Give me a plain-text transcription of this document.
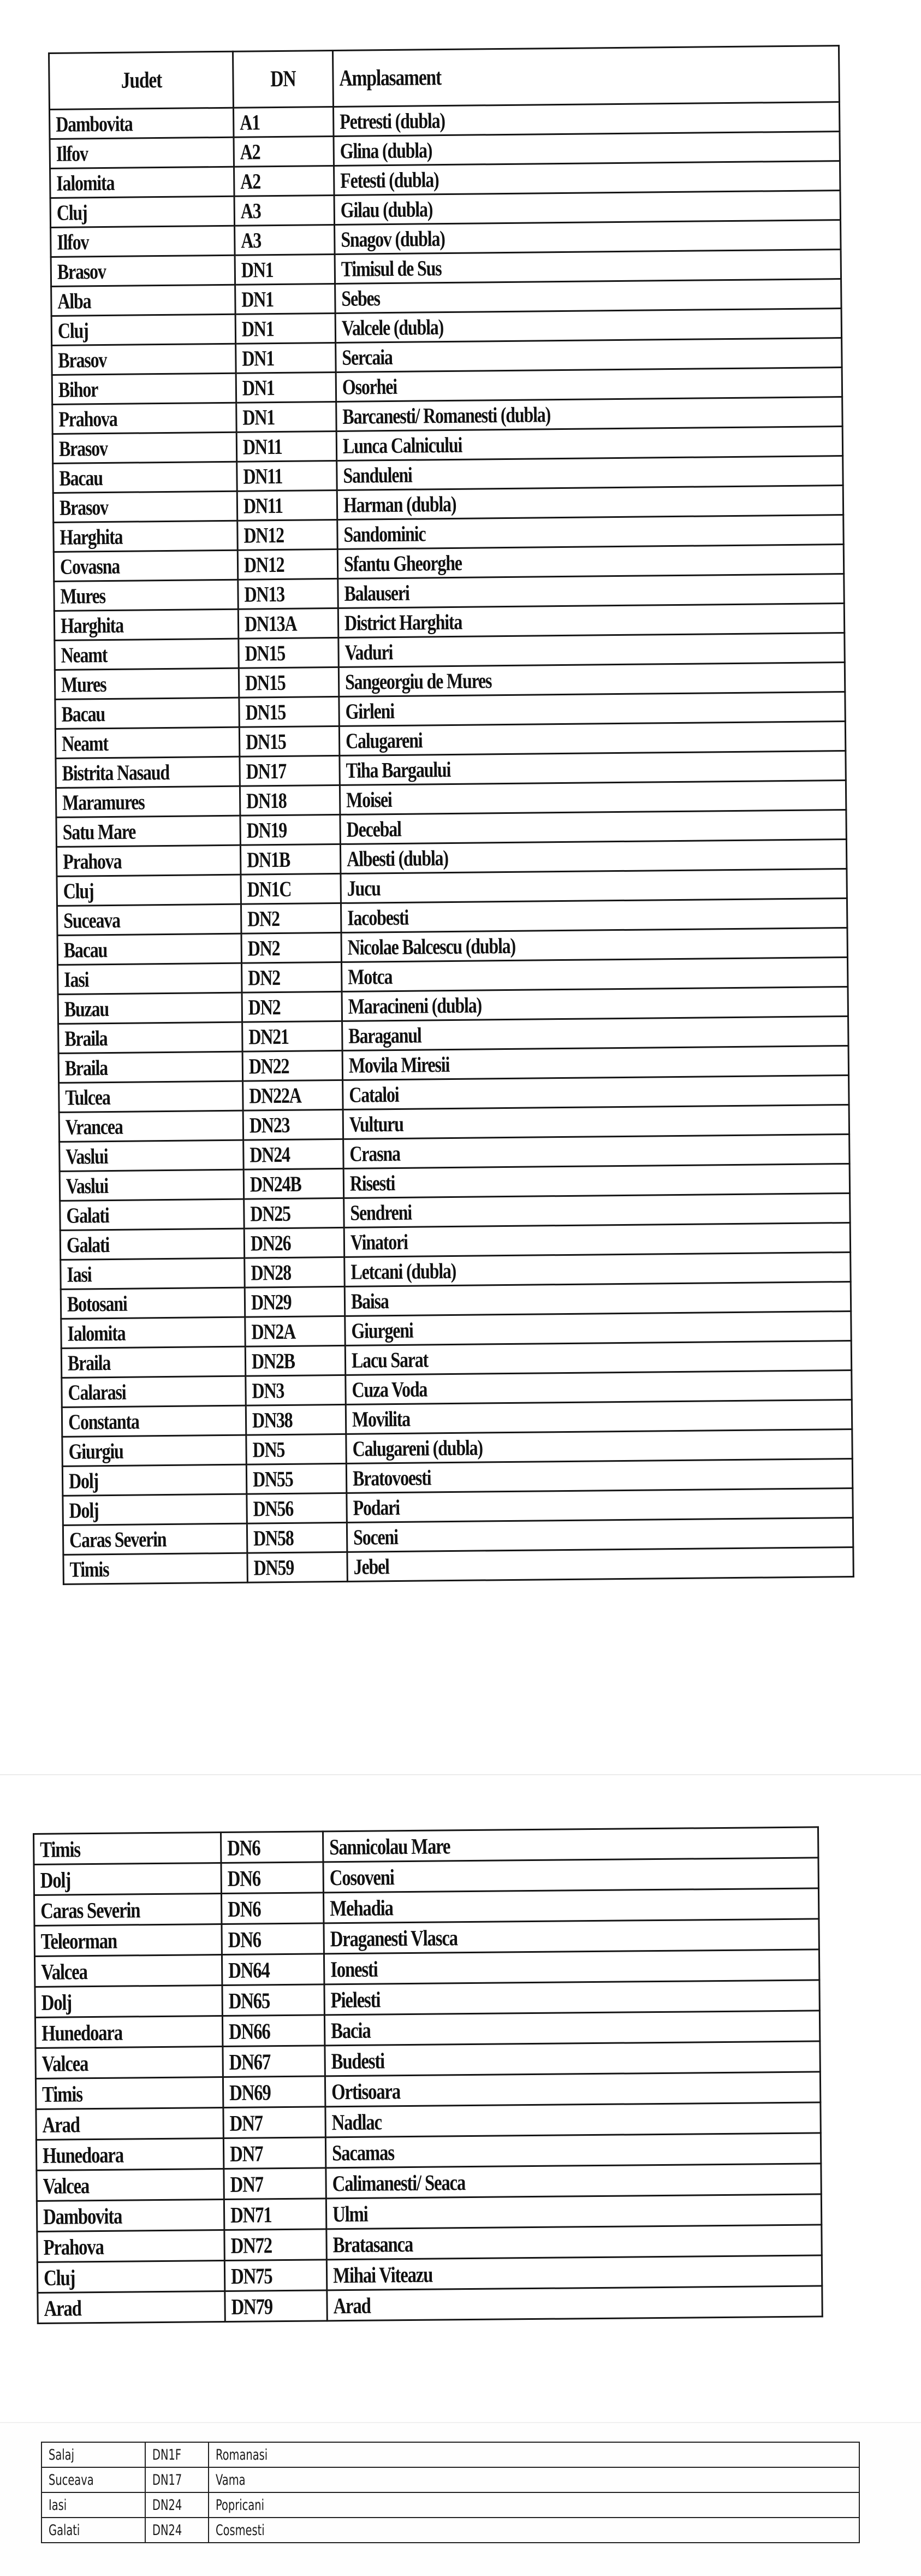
Judet	DN	Amplasament
Dambovita	A1	Petresti (dubla)
Ilfov	A2	Glina (dubla)
Ialomita	A2	Fetesti (dubla)
Cluj	A3	Gilau (dubla)
Ilfov	A3	Snagov (dubla)
Brasov	DN1	Timisul de Sus
Alba	DN1	Sebes
Cluj	DN1	Valcele (dubla)
Brasov	DN1	Sercaia
Bihor	DN1	Osorhei
Prahova	DN1	Barcanesti/ Romanesti (dubla)
Brasov	DN11	Lunca Calnicului
Bacau	DN11	Sanduleni
Brasov	DN11	Harman (dubla)
Harghita	DN12	Sandominic
Covasna	DN12	Sfantu Gheorghe
Mures	DN13	Balauseri
Harghita	DN13A	District Harghita
Neamt	DN15	Vaduri
Mures	DN15	Sangeorgiu de Mures
Bacau	DN15	Girleni
Neamt	DN15	Calugareni
Bistrita Nasaud	DN17	Tiha Bargaului
Maramures	DN18	Moisei
Satu Mare	DN19	Decebal
Prahova	DN1B	Albesti (dubla)
Cluj	DN1C	Jucu
Suceava	DN2	Iacobesti
Bacau	DN2	Nicolae Balcescu (dubla)
Iasi	DN2	Motca
Buzau	DN2	Maracineni (dubla)
Braila	DN21	Baraganul
Braila	DN22	Movila Miresii
Tulcea	DN22A	Cataloi
Vrancea	DN23	Vulturu
Vaslui	DN24	Crasna
Vaslui	DN24B	Risesti
Galati	DN25	Sendreni
Galati	DN26	Vinatori
Iasi	DN28	Letcani (dubla)
Botosani	DN29	Baisa
Ialomita	DN2A	Giurgeni
Braila	DN2B	Lacu Sarat
Calarasi	DN3	Cuza Voda
Constanta	DN38	Movilita
Giurgiu	DN5	Calugareni (dubla)
Dolj	DN55	Bratovoesti
Dolj	DN56	Podari
Caras Severin	DN58	Soceni
Timis	DN59	Jebel
Timis	DN6	Sannicolau Mare
Dolj	DN6	Cosoveni
Caras Severin	DN6	Mehadia
Teleorman	DN6	Draganesti Vlasca
Valcea	DN64	Ionesti
Dolj	DN65	Pielesti
Hunedoara	DN66	Bacia
Valcea	DN67	Budesti
Timis	DN69	Ortisoara
Arad	DN7	Nadlac
Hunedoara	DN7	Sacamas
Valcea	DN7	Calimanesti/ Seaca
Dambovita	DN71	Ulmi
Prahova	DN72	Bratasanca
Cluj	DN75	Mihai Viteazu
Arad	DN79	Arad
Salaj	DN1F	Romanasi
Suceava	DN17	Vama
Iasi	DN24	Popricani
Galati	DN24	Cosmesti
